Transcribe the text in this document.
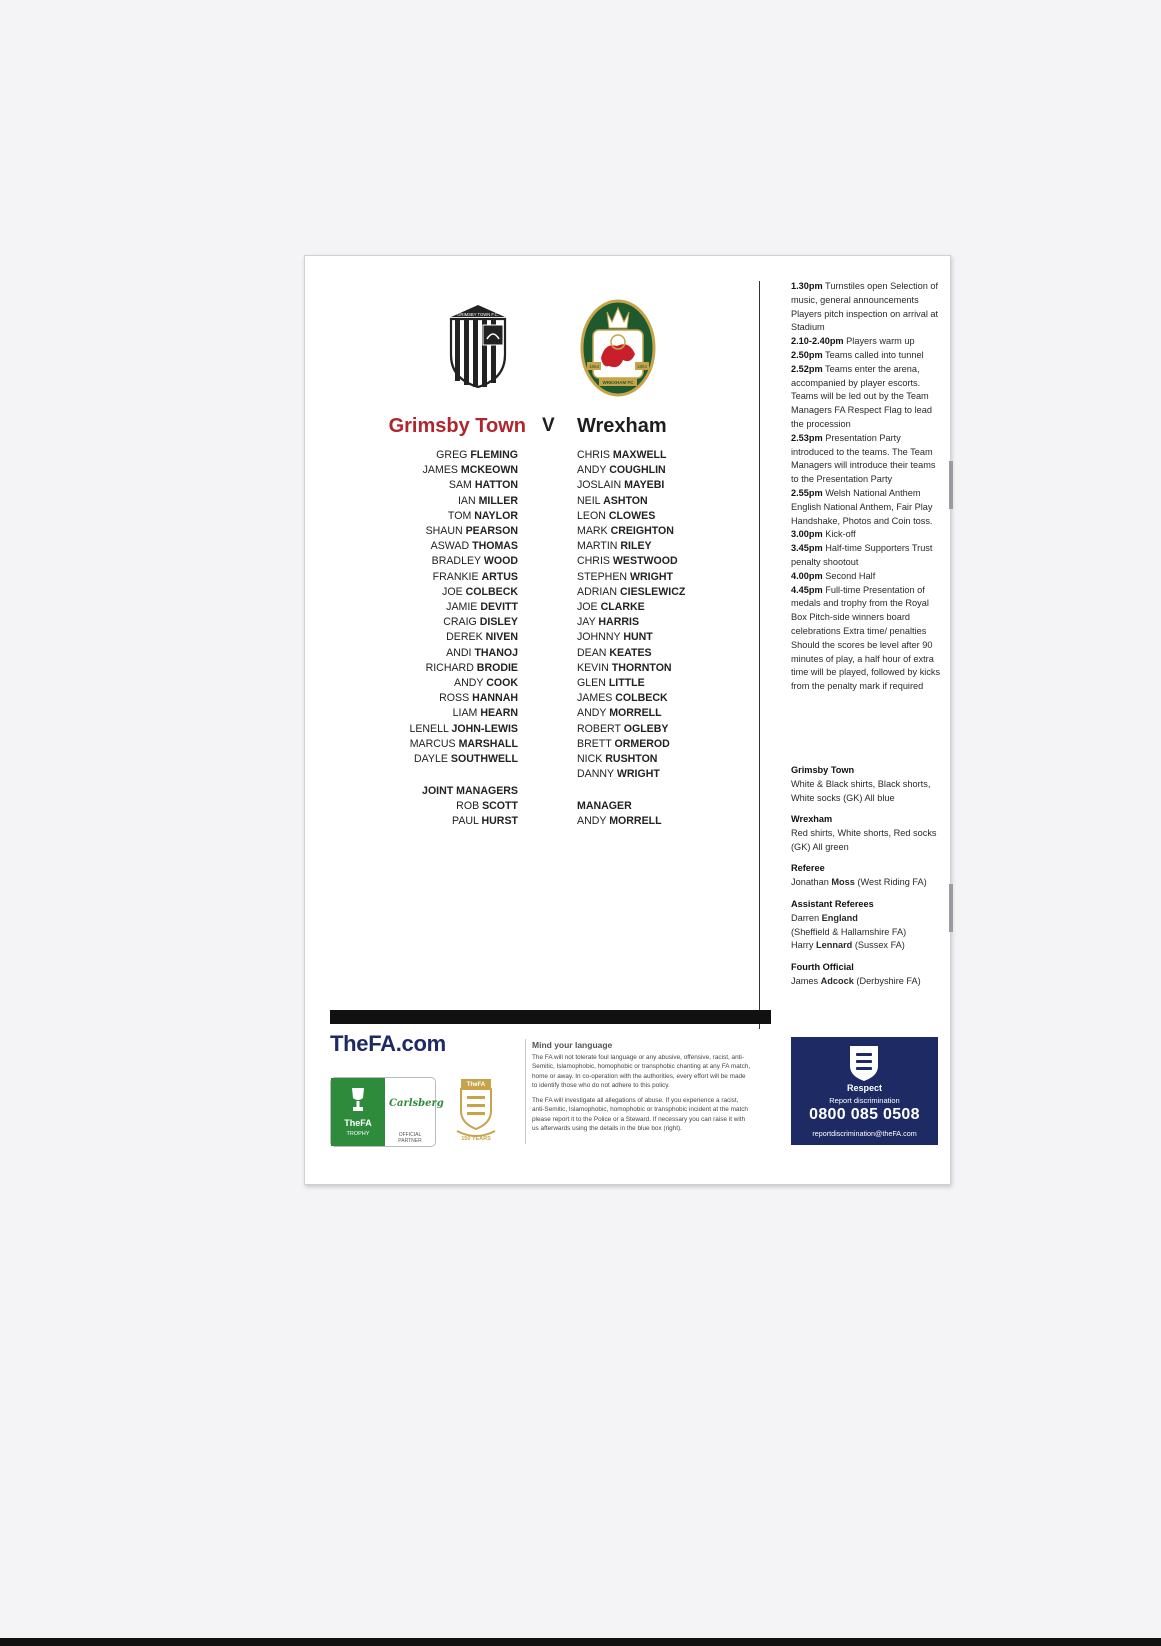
GRIMSBY TOWN F.C.
1864	1864
WREXHAM FC
Grimsby Town V Wrexham
GREG FLEMING
JAMES MCKEOWN
SAM HATTON
IAN MILLER
TOM NAYLOR
SHAUN PEARSON
ASWAD THOMAS
BRADLEY WOOD
FRANKIE ARTUS
JOE COLBECK
JAMIE DEVITT
CRAIG DISLEY
DEREK NIVEN
ANDI THANOJ
RICHARD BRODIE
ANDY COOK
ROSS HANNAH
LIAM HEARN
LENELL JOHN-LEWIS
MARCUS MARSHALL
DAYLE SOUTHWELL
CHRIS MAXWELL
ANDY COUGHLIN
JOSLAIN MAYEBI
NEIL ASHTON
LEON CLOWES
MARK CREIGHTON
MARTIN RILEY
CHRIS WESTWOOD
STEPHEN WRIGHT
ADRIAN CIESLEWICZ
JOE CLARKE
JAY HARRIS
JOHNNY HUNT
DEAN KEATES
KEVIN THORNTON
GLEN LITTLE
JAMES COLBECK
ANDY MORRELL
ROBERT OGLEBY
BRETT ORMEROD
NICK RUSHTON
DANNY WRIGHT
JOINT MANAGERS
ROB SCOTT
PAUL HURST
MANAGER
ANDY MORRELL

1.30pm Turnstiles open Selection of music, general announcements Players pitch inspection on arrival at Stadium

2.10-2.40pm Players warm up

2.50pm Teams called into tunnel

2.52pm Teams enter the arena, accompanied by player escorts. Teams will be led out by the Team Managers FA Respect Flag to lead the procession

2.53pm Presentation Party introduced to the teams. The Team Managers will introduce their teams to the Presentation Party

2.55pm Welsh National Anthem English National Anthem, Fair Play Handshake, Photos and Coin toss.

3.00pm Kick-off

3.45pm Half-time Supporters Trust penalty shootout

4.00pm Second Half

4.45pm Full-time Presentation of medals and trophy from the Royal Box Pitch-side winners board celebrations Extra time/ penalties Should the scores be level after 90 minutes of play, a half hour of extra time will be played, followed by kicks from the penalty mark if required

Grimsby Town
White & Black shirts, Black shorts, White socks (GK) All blue
Wrexham
Red shirts, White shorts, Red socks (GK) All green
Referee
Jonathan Moss (West Riding FA)
Assistant Referees
Darren England
(Sheffield & Hallamshire FA)
Harry Lennard (Sussex FA)
Fourth Official
James Adcock (Derbyshire FA)
Respect
Report discrimination
0800 085 0508
reportdiscrimination@theFA.com
TheFA.com
TheFA
TROPHY
Carlsberg
OFFICIAL PARTNER
TheFA
150 YEARS
Mind your language

The FA will not tolerate foul language or any abusive, offensive, racist, anti-Semitic, Islamophobic, homophobic or transphobic chanting at any FA match, home or away. In co-operation with the authorities, every effort will be made to identify those who do not adhere to this policy.

The FA will investigate all allegations of abuse. If you experience a racist, anti-Semitic, Islamophobic, homophobic or transphobic incident at the match please report it to the Police or a Steward. If necessary you can raise it with us afterwards using the details in the blue box (right).
